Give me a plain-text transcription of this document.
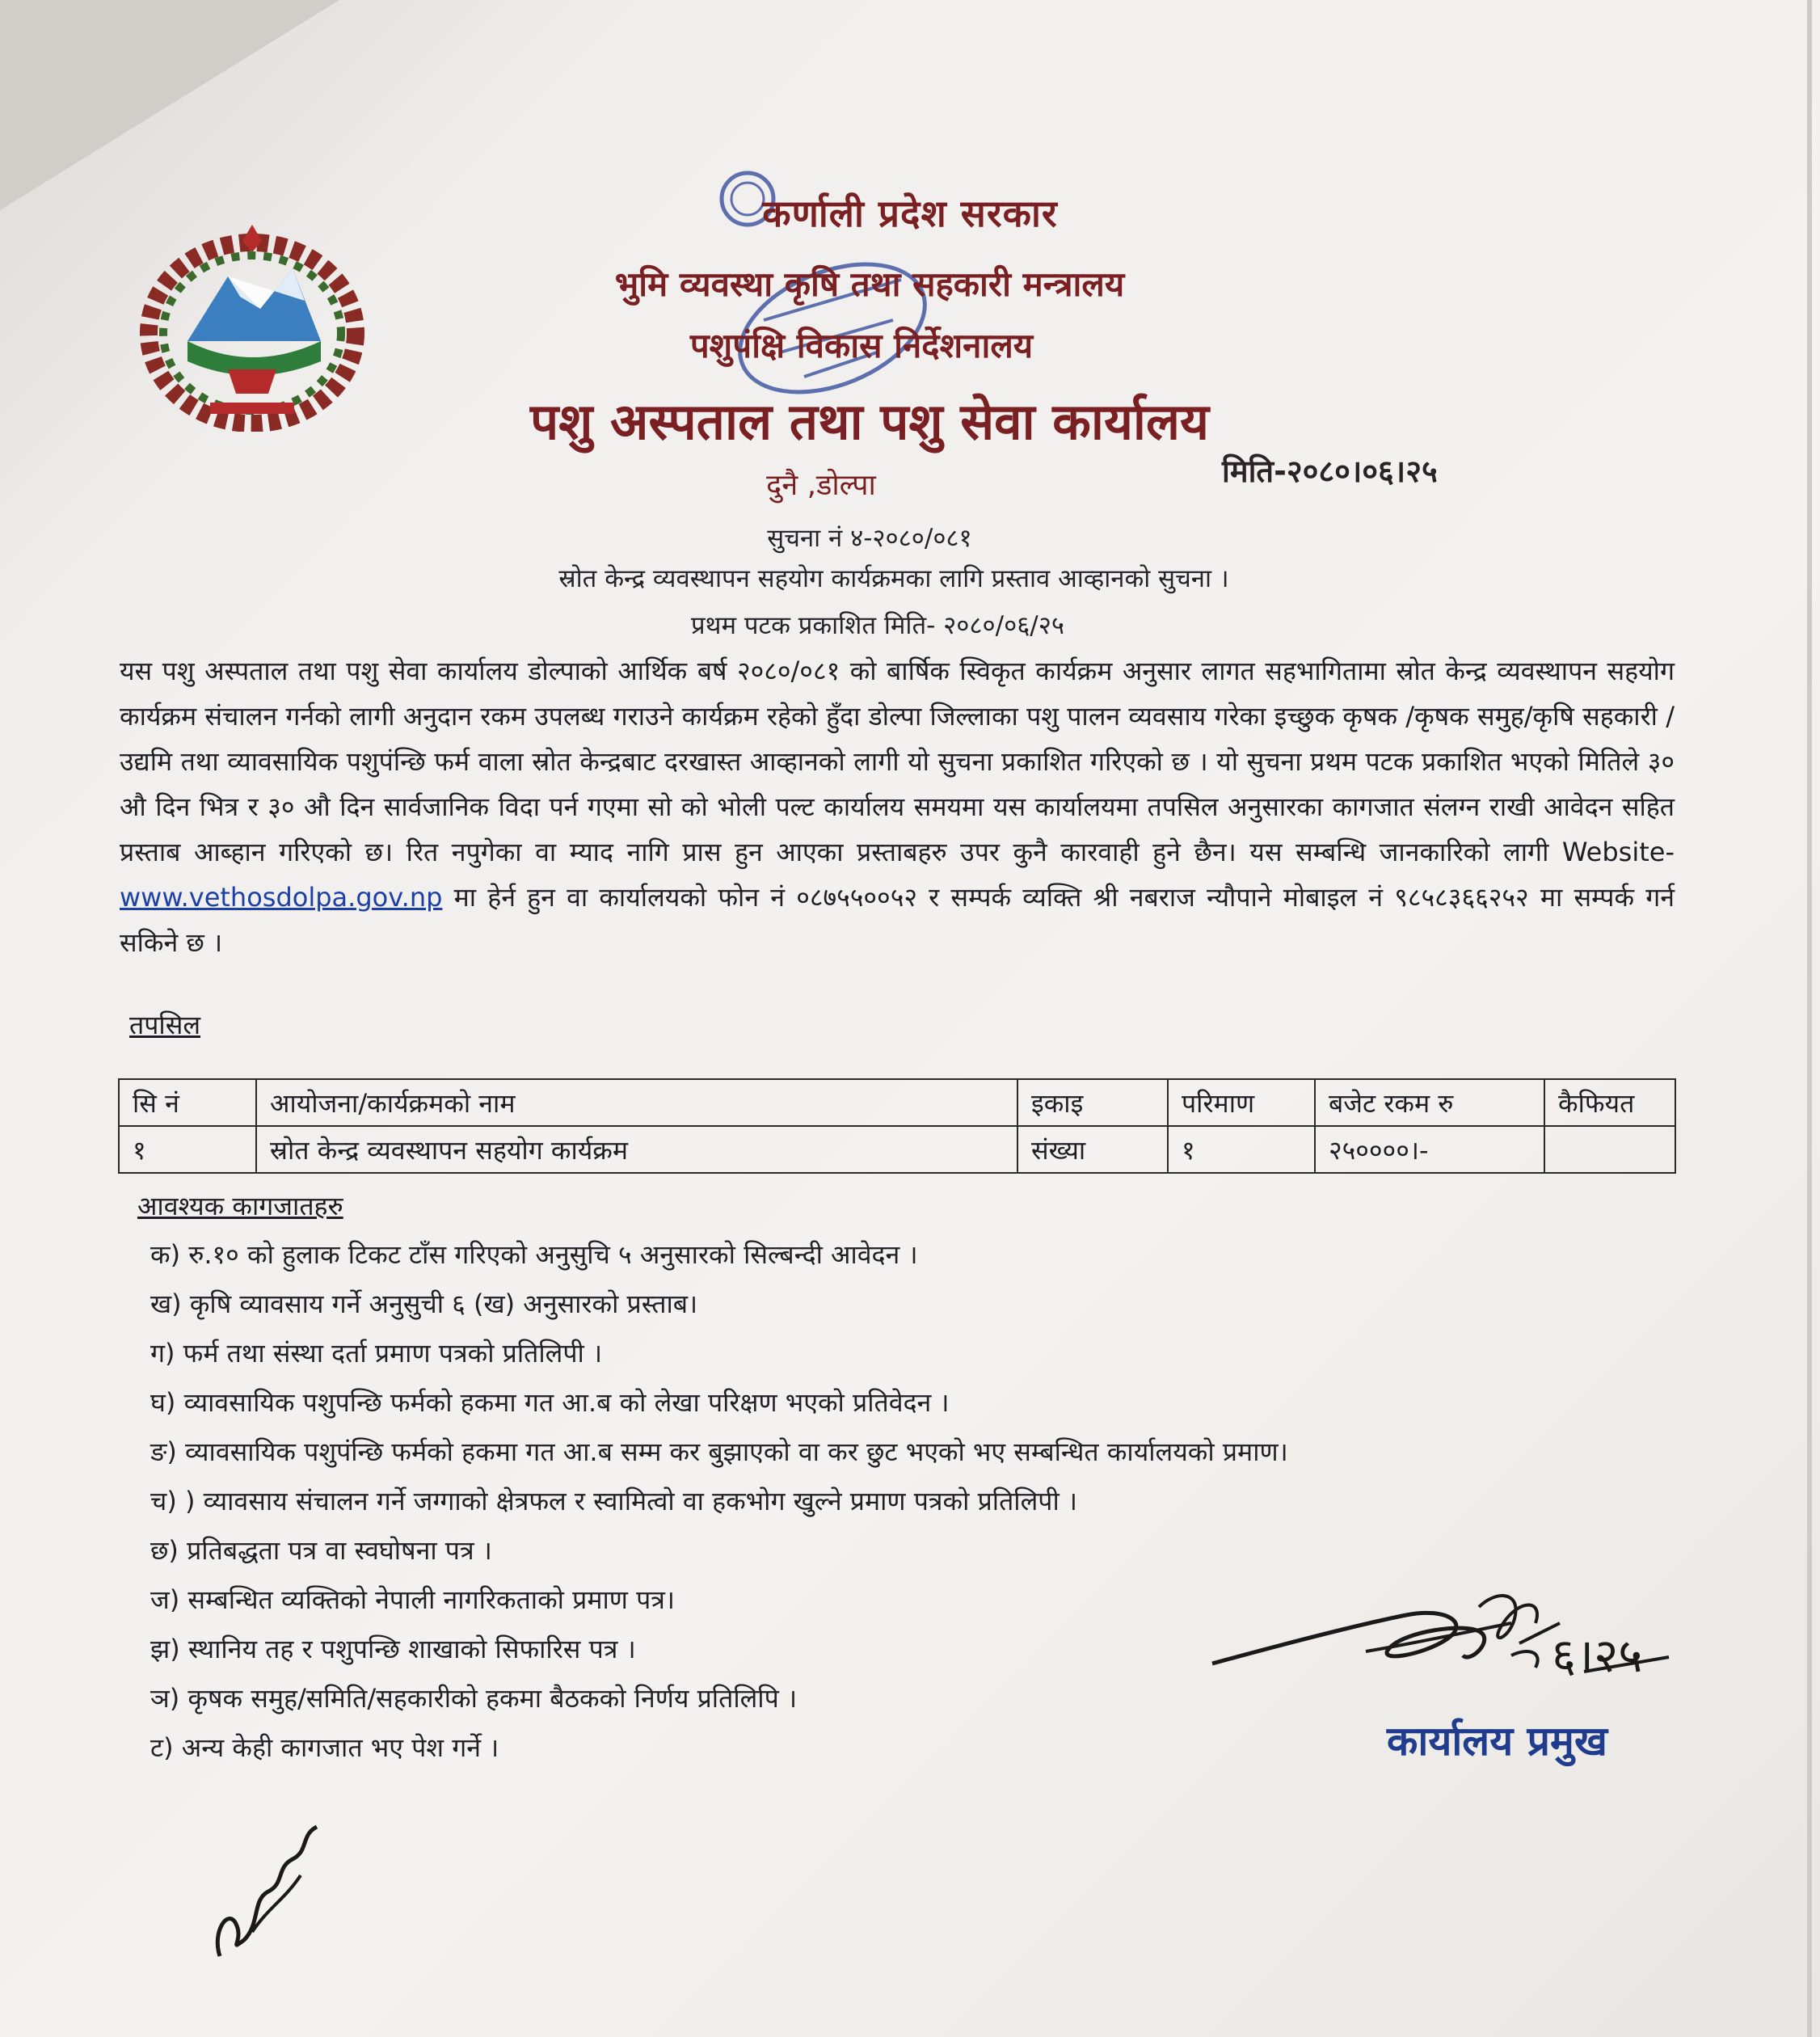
कर्णाली प्रदेश सरकार
भुमि व्यवस्था कृषि तथा सहकारी मन्त्रालय
पशुपंक्षि विकास निर्देशनालय
पशु अस्पताल तथा पशु सेवा कार्यालय
दुनै ,डोल्पा	मिति-२०८०।०६।२५
सुचना नं ४-२०८०/०८१
स्रोत केन्द्र व्यवस्थापन सहयोग कार्यक्रमका लागि प्रस्ताव आव्हानको सुचना ।
प्रथम पटक प्रकाशित मिति- २०८०/०६/२५
यस पशु अस्पताल तथा पशु सेवा कार्यालय डोल्पाको आर्थिक बर्ष २०८०/०८१ को बार्षिक स्विकृत कार्यक्रम अनुसार लागत सहभागितामा स्रोत केन्द्र व्यवस्थापन सहयोग कार्यक्रम संचालन गर्नको लागी अनुदान रकम उपलब्ध गराउने कार्यक्रम रहेको हुँदा डोल्पा जिल्लाका पशु पालन व्यवसाय गरेका इच्छुक कृषक /कृषक समुह/कृषि सहकारी /उद्यमि तथा व्यावसायिक पशुपंन्छि फर्म वाला स्रोत केन्द्रबाट दरखास्त आव्हानको लागी यो सुचना प्रकाशित गरिएको छ । यो सुचना प्रथम पटक प्रकाशित भएको मितिले ३० औ दिन भित्र र ३० औ दिन सार्वजानिक विदा पर्न गएमा सो को भोली पल्ट कार्यालय समयमा यस कार्यालयमा तपसिल अनुसारका कागजात संलग्न राखी आवेदन सहित प्रस्ताब आब्हान गरिएको छ। रित नपुगेका वा म्याद नागि प्रास हुन आएका प्रस्ताबहरु उपर कुनै कारवाही हुने छैन। यस सम्बन्धि जानकारिको लागी Website-www.vethosdolpa.gov.np मा हेर्न हुन वा कार्यालयको फोन नं ०८७५५००५२ र सम्पर्क व्यक्ति श्री नबराज न्यौपाने मोबाइल नं ९८५८३६६२५२ मा सम्पर्क गर्न सकिने छ ।
तपसिल
सि नं	आयोजना/कार्यक्रमको नाम	इकाइ	परिमाण	बजेट रकम रु	कैफियत
१	स्रोत केन्द्र व्यवस्थापन सहयोग कार्यक्रम	संख्या	१	२५००००।-	
आवश्यक कागजातहरु
क) रु.१० को हुलाक टिकट टाँस गरिएको अनुसुचि ५ अनुसारको सिल्बन्दी आवेदन ।
ख) कृषि व्यावसाय गर्ने अनुसुची ६ (ख) अनुसारको प्रस्ताब।
ग) फर्म तथा संस्था दर्ता प्रमाण पत्रको प्रतिलिपी ।
घ) व्यावसायिक पशुपन्छि फर्मको हकमा गत आ.ब को लेखा परिक्षण भएको प्रतिवेदन ।
ङ) व्यावसायिक पशुपंन्छि फर्मको हकमा गत आ.ब सम्म कर बुझाएको वा कर छुट भएको भए सम्बन्धित कार्यालयको प्रमाण।
च) ) व्यावसाय संचालन गर्ने जग्गाको क्षेत्रफल र स्वामित्वो वा हकभोग खुल्ने प्रमाण पत्रको प्रतिलिपी ।
छ) प्रतिबद्धता पत्र वा स्वघोषना पत्र ।
ज) सम्बन्धित व्यक्तिको नेपाली नागरिकताको प्रमाण पत्र।
झ) स्थानिय तह र पशुपन्छि शाखाको सिफारिस पत्र ।
ञ) कृषक समुह/समिति/सहकारीको हकमा बैठकको निर्णय प्रतिलिपि ।
ट) अन्य केही कागजात भए पेश गर्ने ।
६।२५
कार्यालय प्रमुख
